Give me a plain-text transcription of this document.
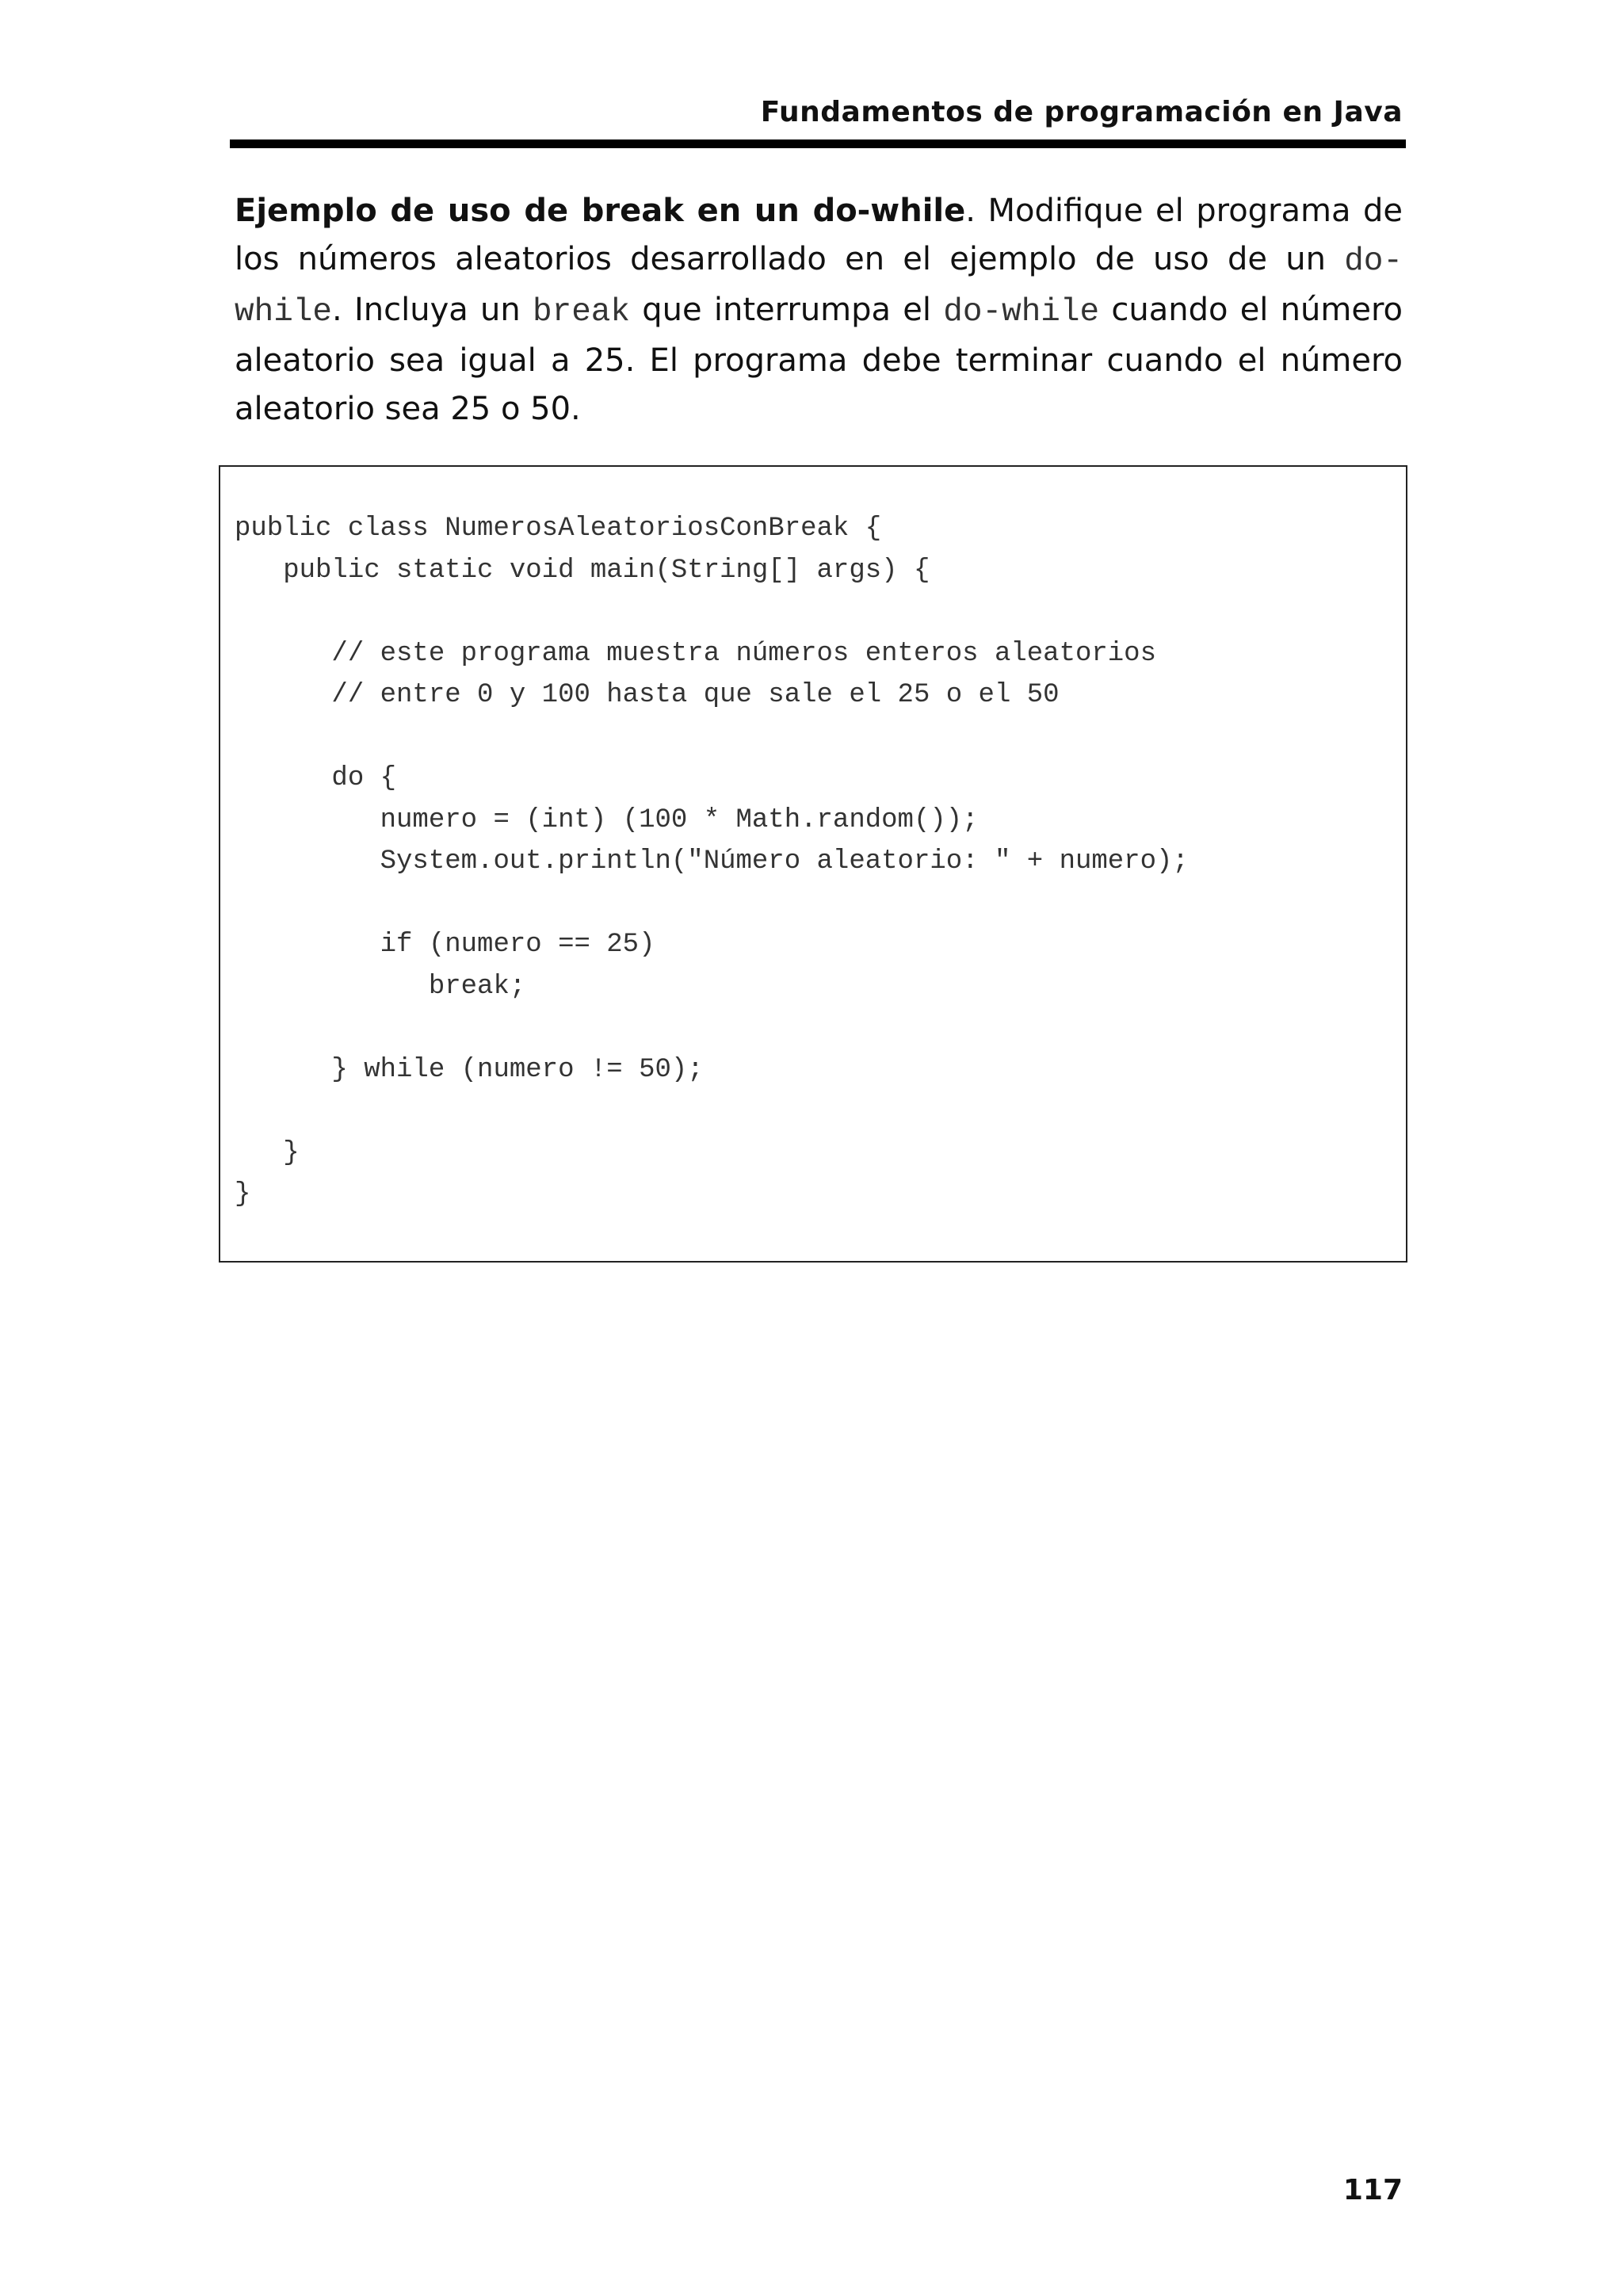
Fundamentos de programación en Java

Ejemplo de uso de break en un do-while. Modifique el programa de los números aleatorios desarrollado en el ejemplo de uso de un do-while. Incluya un break que interrumpa el do-while cuando el número aleatorio sea igual a 25. El programa debe terminar cuando el número aleatorio sea 25 o 50.

public class NumerosAleatoriosConBreak {
public static void main(String[] args) {
// este programa muestra números enteros aleatorios
// entre 0 y 100 hasta que sale el 25 o el 50
do {
numero = (int) (100 * Math.random());
System.out.println("Número aleatorio: " + numero);
if (numero == 25)
break;
} while (numero != 50);
}
}
117
